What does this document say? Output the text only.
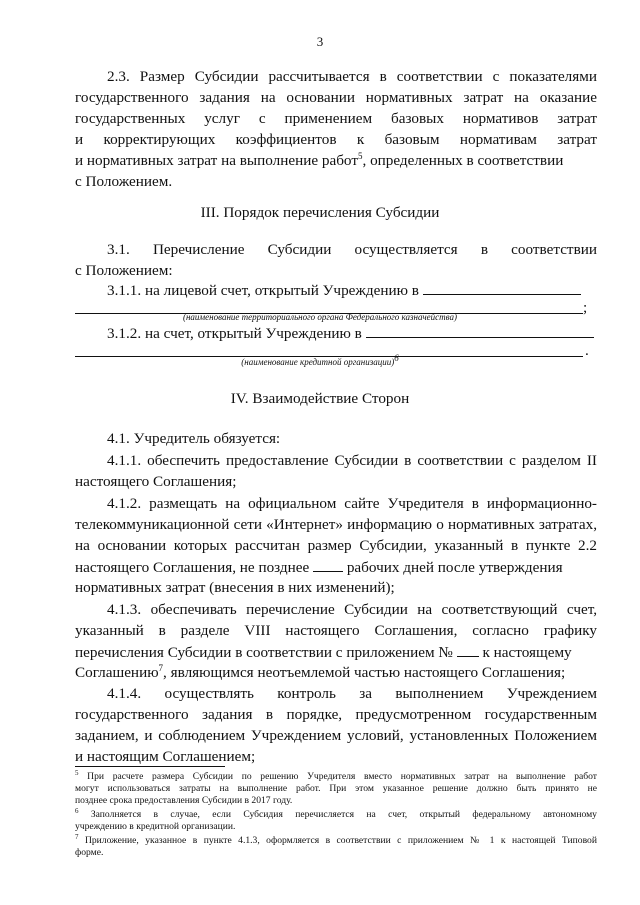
3
2.3. Размер Субсидии рассчитывается в соответствии с показателями
государственного задания на основании нормативных затрат на оказание
государственных услуг с применением базовых нормативов затрат
и корректирующих коэффициентов к базовым нормативам затрат
и нормативных затрат на выполнение работ$^5$, определенных в соответствии
с Положением.
III. Порядок перечисления Субсидии
3.1. Перечисление Субсидии осуществляется в соответствии
с Положением:
3.1.1. на лицевой счет, открытый Учреждению в
;
(наименование территориального органа Федерального казначейства)
3.1.2. на счет, открытый Учреждению в
.
(наименование кредитной организации)$^6$
IV. Взаимодействие Сторон
4.1. Учредитель обязуется:
4.1.1. обеспечить предоставление Субсидии в соответствии с разделом II
настоящего Соглашения;
4.1.2. размещать на официальном сайте Учредителя в информационно-
телекоммуникационной сети «Интернет» информацию о нормативных затратах,
на основании которых рассчитан размер Субсидии, указанный в пункте 2.2
настоящего Соглашения, не позднее рабочих дней после утверждения
нормативных затрат (внесения в них изменений);
4.1.3. обеспечивать перечисление Субсидии на соответствующий счет,
указанный в разделе VIII настоящего Соглашения, согласно графику
перечисления Субсидии в соответствии с приложением № к настоящему
Соглашению$^7$, являющимся неотъемлемой частью настоящего Соглашения;
4.1.4. осуществлять контроль за выполнением Учреждением
государственного задания в порядке, предусмотренном государственным
заданием, и соблюдением Учреждением условий, установленных Положением
и настоящим Соглашением;
$^5$ При расчете размера Субсидии по решению Учредителя вместо нормативных затрат на выполнение работ
могут использоваться затраты на выполнение работ. При этом указанное решение должно быть принято не
позднее срока предоставления Субсидии в 2017 году.
$^6$ Заполняется в случае, если Субсидия перечисляется на счет, открытый федеральному автономному
учреждению в кредитной организации.
$^7$ Приложение, указанное в пункте 4.1.3, оформляется в соответствии с приложением № 1 к настоящей Типовой
форме.
